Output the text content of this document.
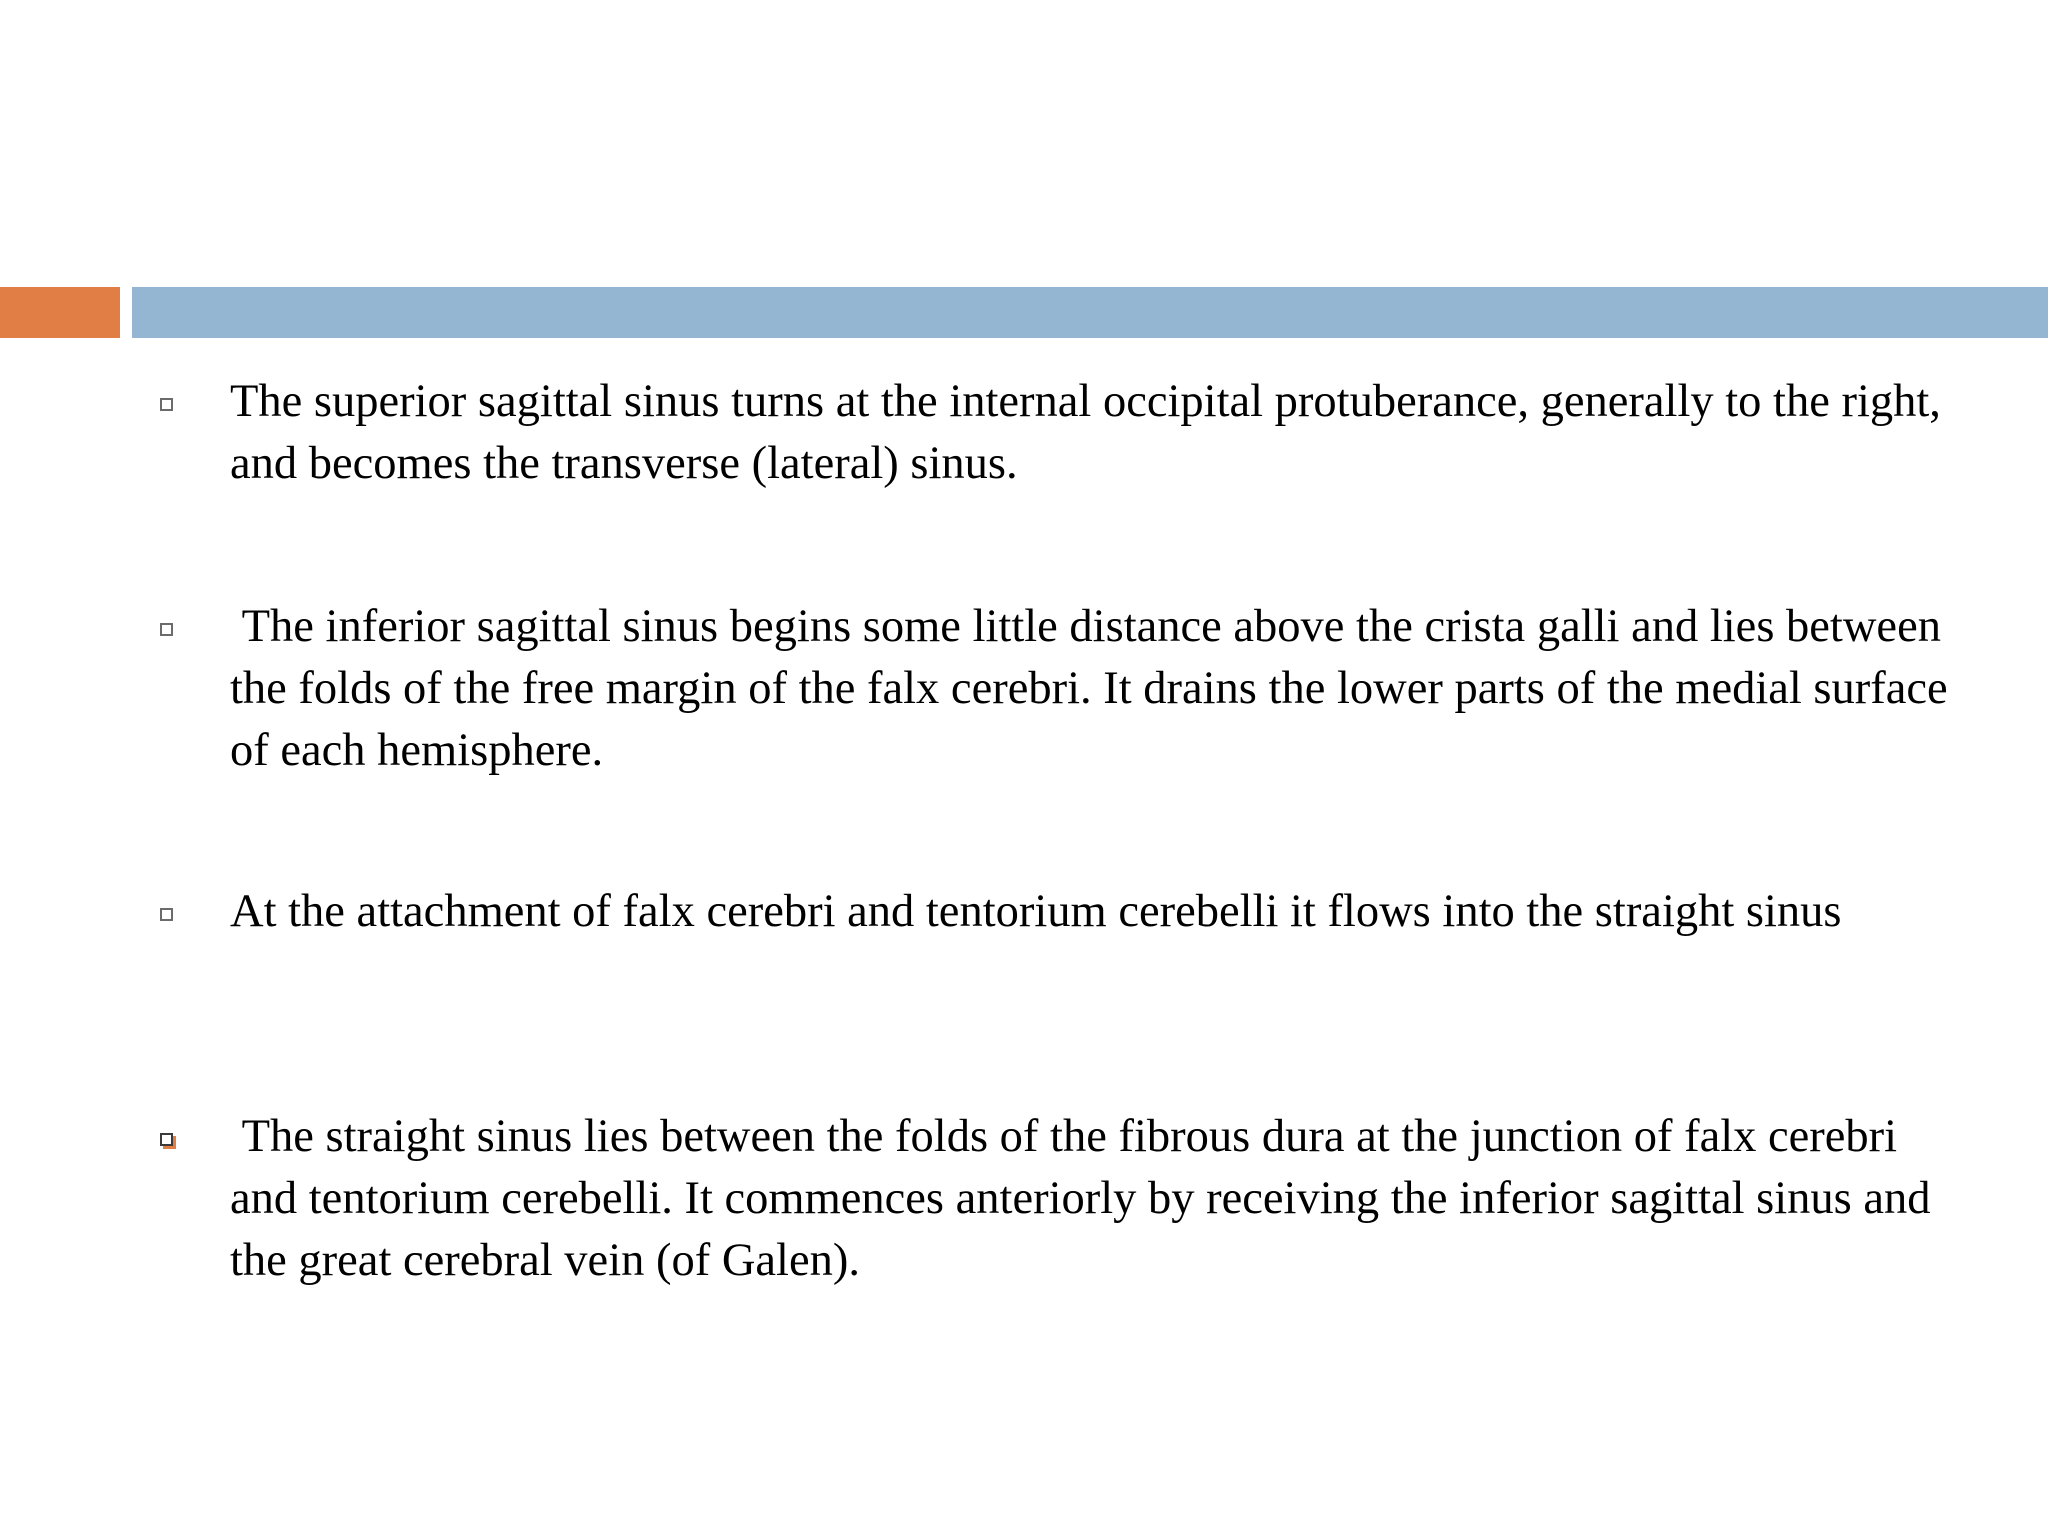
The superior sagittal sinus turns at the internal occipital protuberance, generally to the right, and becomes the transverse (lateral) sinus.

The inferior sagittal sinus begins some little distance above the crista galli and lies between the folds of the free margin of the falx cerebri. It drains the lower parts of the medial surface of each hemisphere.

At the attachment of falx cerebri and tentorium cerebelli it flows into the straight sinus

The straight sinus lies between the folds of the fibrous dura at the junction of falx cerebri and tentorium cerebelli. It commences anteriorly by receiving the inferior sagittal sinus and the great cerebral vein (of Galen).
